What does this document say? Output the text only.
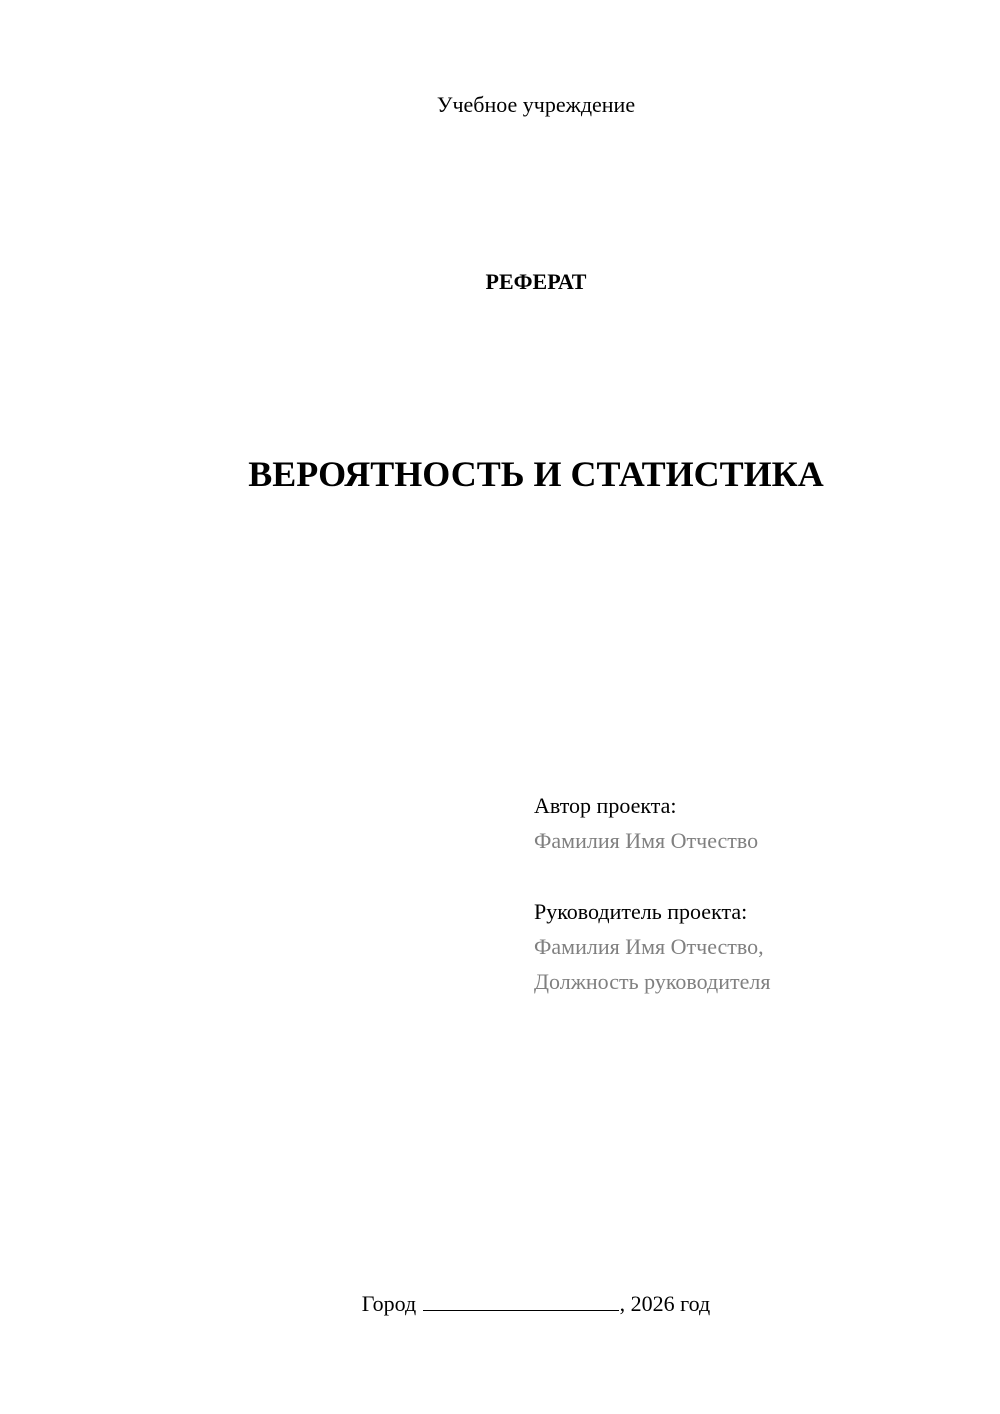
Учебное учреждение
РЕФЕРАТ
ВЕРОЯТНОСТЬ И СТАТИСТИКА
Автор проекта:
Фамилия Имя Отчество
Руководитель проекта:
Фамилия Имя Отчество,
Должность руководителя
Город	, 2026 год
